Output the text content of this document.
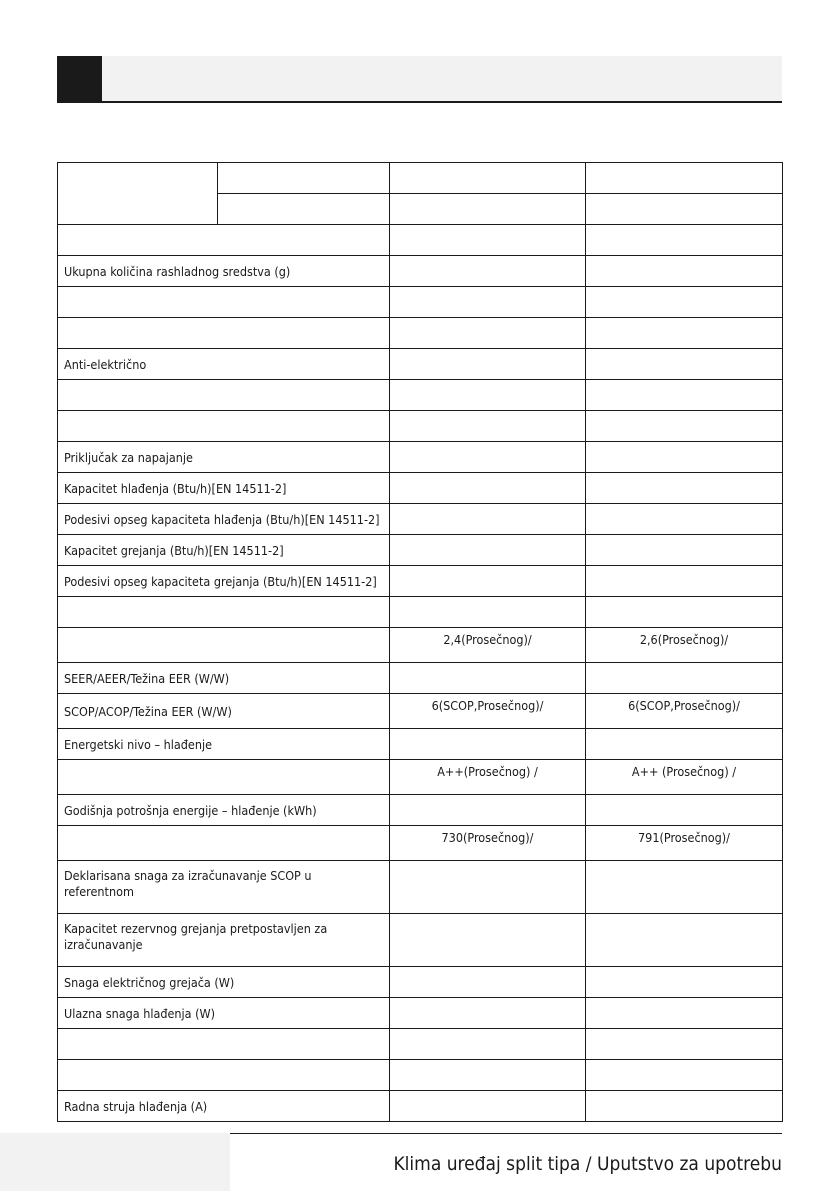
Ukupna količina rashladnog sredstva (g)			

Anti-električno			

Priključak za napajanje			
Kapacitet hlađenja (Btu/h)[EN 14511-2]			
Podesivi opseg kapaciteta hlađenja (Btu/h)[EN 14511-2]			
Kapacitet grejanja (Btu/h)[EN 14511-2]			
Podesivi opseg kapaciteta grejanja (Btu/h)[EN 14511-2]			

		2,4(Prosečnog)/	2,6(Prosečnog)/
SEER/AEER/Težina EER (W/W)			
SCOP/ACOP/Težina EER (W/W)		6(SCOP,Prosečnog)/	6(SCOP,Prosečnog)/
Energetski nivo – hlađenje			
		A++(Prosečnog) /	A++ (Prosečnog) /
Godišnja potrošnja energije – hlađenje (kWh)			
		730(Prosečnog)/	791(Prosečnog)/
Deklarisana snaga za izračunavanje SCOP u referentnom			
Kapacitet rezervnog grejanja pretpostavljen za izračunavanje			
Snaga električnog grejača (W)			
Ulazna snaga hlađenja (W)			

Radna struja hlađenja (A)			
Klima uređaj split tipa / Uputstvo za upotrebu
